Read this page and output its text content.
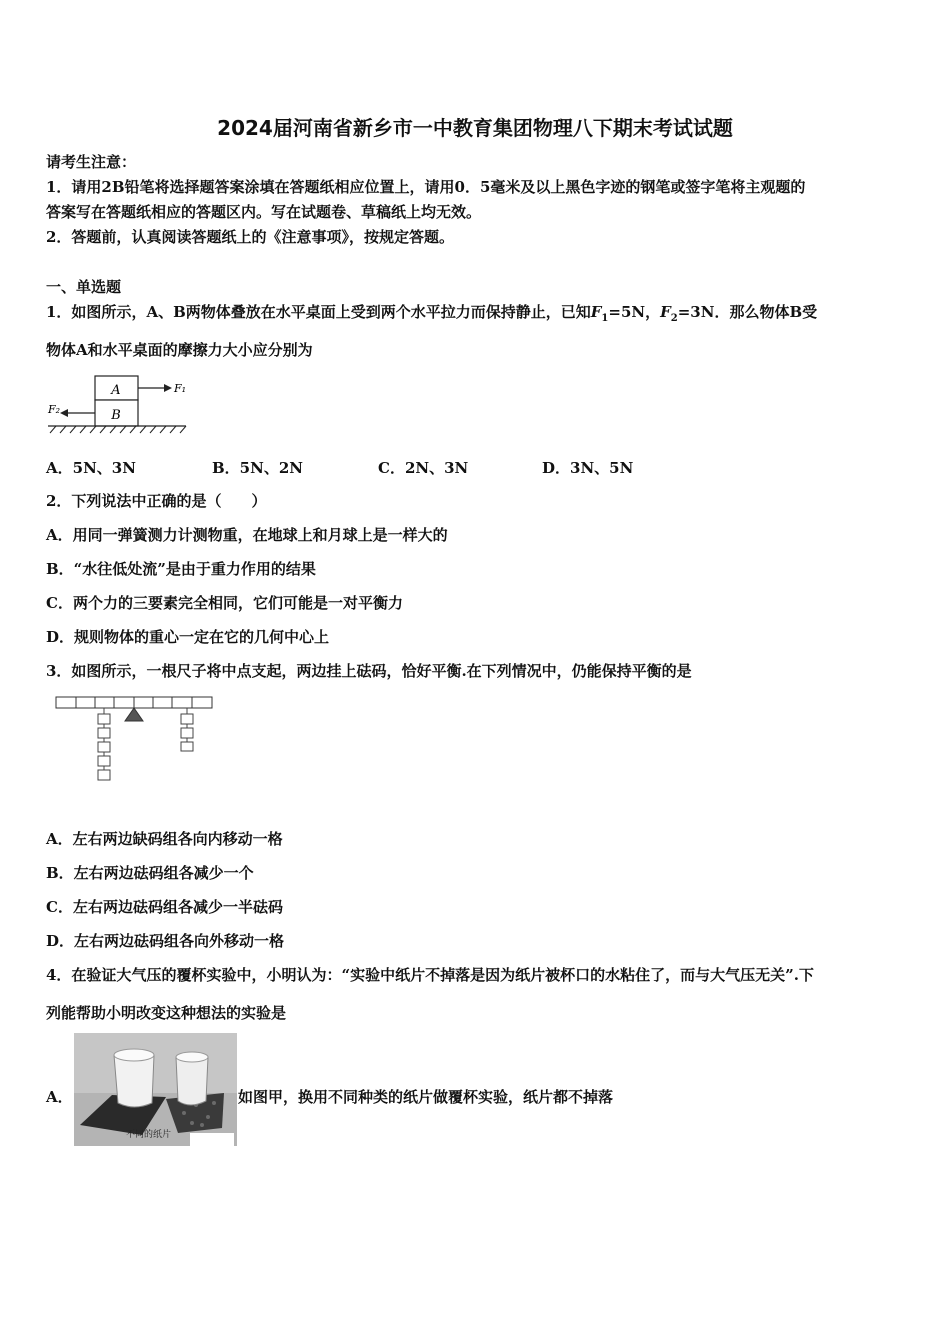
2024届河南省新乡市一中教育集团物理八下期末考试试题
请考生注意：
1．请用2B铅笔将选择题答案涂填在答题纸相应位置上，请用0．5毫米及以上黑色字迹的钢笔或签字笔将主观题的
答案写在答题纸相应的答题区内。写在试题卷、草稿纸上均无效。
2．答题前，认真阅读答题纸上的《注意事项》，按规定答题。
一、单选题
1．如图所示，A、B两物体叠放在水平桌面上受到两个水平拉力而保持静止，已知$F_1=5N$，$F_2=3N$．那么物体B受
物体A和水平桌面的摩擦力大小应分别为
A
B
F₁
F₂
A．5N、3N	B．5N、2N	C．2N、3N	D．3N、5N
2．下列说法中正确的是（　　）
A．用同一弹簧测力计测物重，在地球上和月球上是一样大的
B．“水往低处流”是由于重力作用的结果
C．两个力的三要素完全相同，它们可能是一对平衡力
D．规则物体的重心一定在它的几何中心上
3．如图所示，一根尺子将中点支起，两边挂上砝码，恰好平衡.在下列情况中，仍能保持平衡的是
A．左右两边缺码组各向内移动一格
B．左右两边砝码组各减少一个
C．左右两边砝码组各减少一半砝码
D．左右两边砝码组各向外移动一格
4．在验证大气压的覆杯实验中，小明认为：“实验中纸片不掉落是因为纸片被杯口的水粘住了，而与大气压无关”.下
列能帮助小明改变这种想法的实验是
A．
不同的纸片
如图甲，换用不同种类的纸片做覆杯实验，纸片都不掉落
